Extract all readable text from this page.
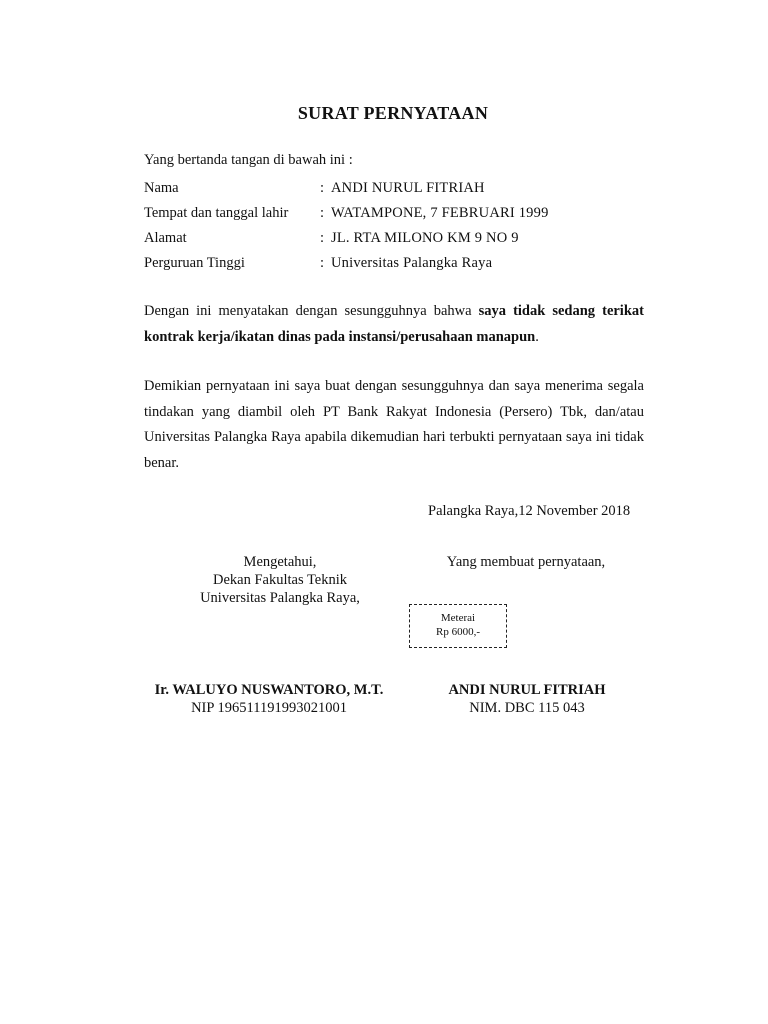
SURAT PERNYATAAN
Yang bertanda tangan di bawah ini :
Nama	: ANDI NURUL FITRIAH
Tempat dan tanggal lahir	: WATAMPONE, 7 FEBRUARI 1999
Alamat	: JL. RTA MILONO KM 9 NO 9
Perguruan Tinggi	: Universitas Palangka Raya
Dengan ini menyatakan dengan sesungguhnya bahwa saya tidak sedang terikat kontrak kerja/ikatan dinas pada instansi/perusahaan manapun.
Demikian pernyataan ini saya buat dengan sesungguhnya dan saya menerima segala tindakan yang diambil oleh PT Bank Rakyat Indonesia (Persero) Tbk, dan/atau Universitas Palangka Raya apabila dikemudian hari terbukti pernyataan saya ini tidak benar.
Palangka Raya,12 November 2018
Mengetahui,
Dekan Fakultas Teknik
Universitas Palangka Raya,
Yang membuat pernyataan,
Meterai
Rp 6000,-
Ir. WALUYO NUSWANTORO, M.T.
NIP 196511191993021001
ANDI NURUL FITRIAH
NIM. DBC 115 043
